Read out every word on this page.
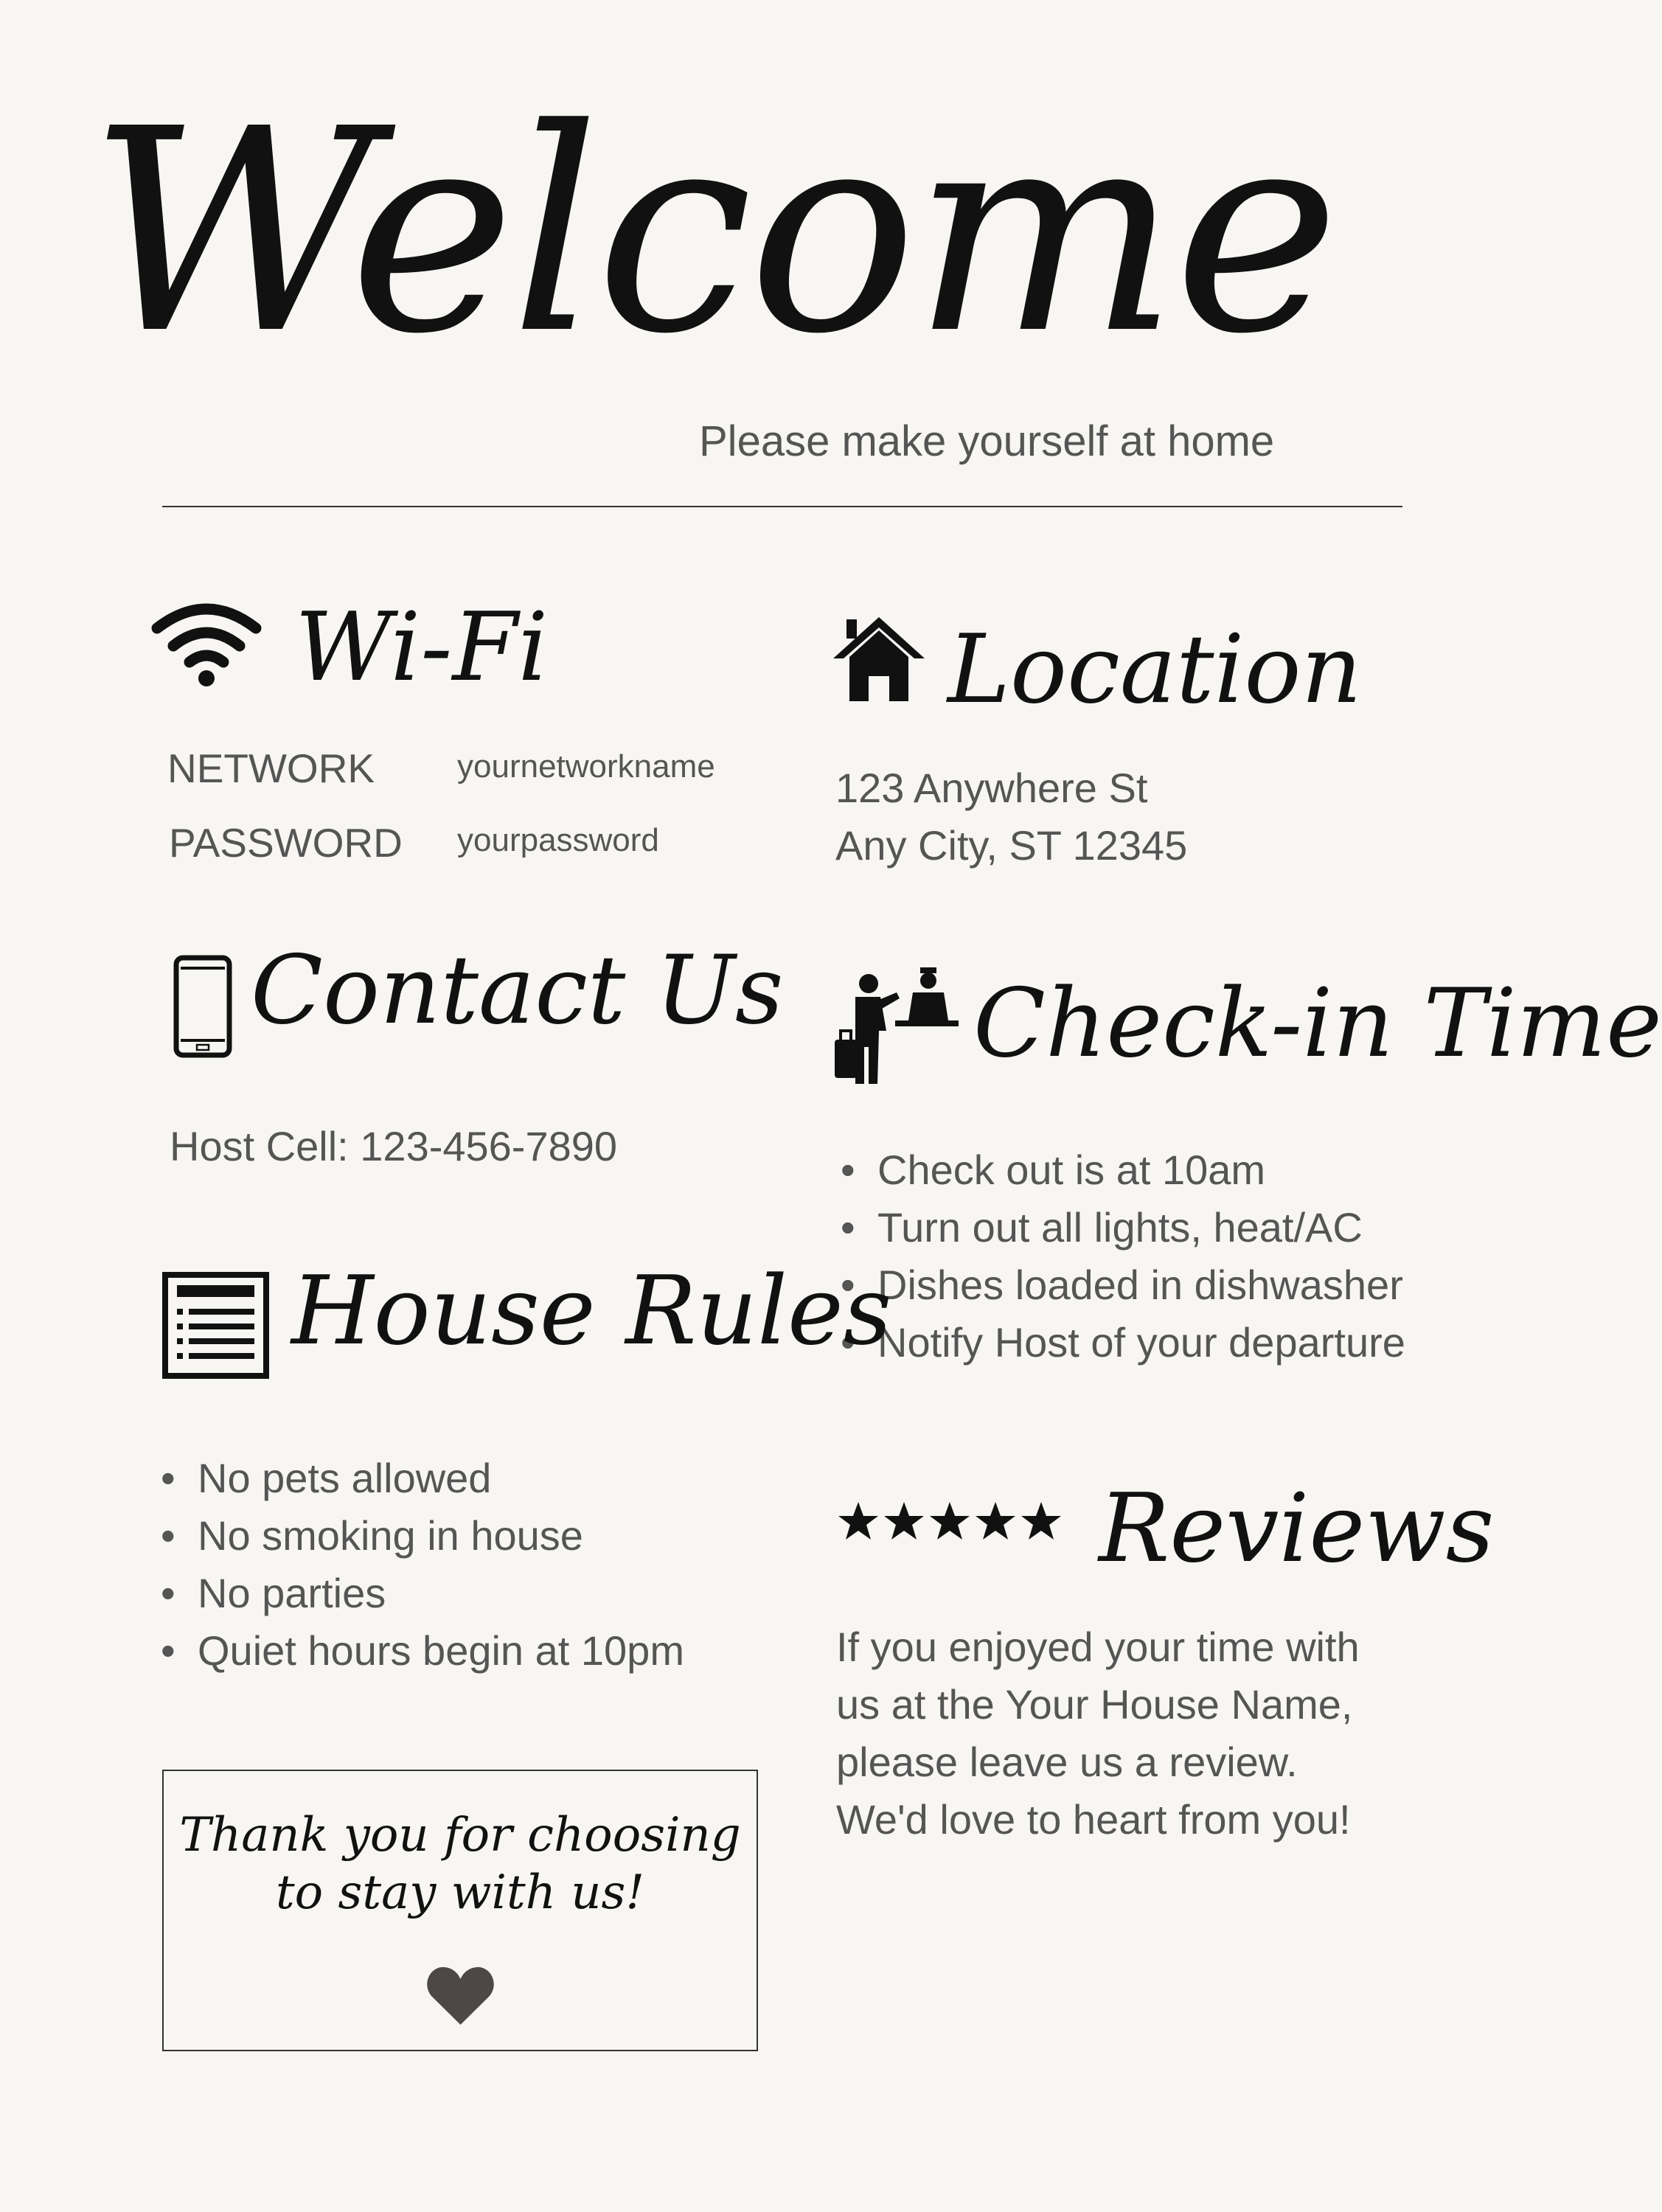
Welcome
Please make yourself at home
Wi-Fi
NETWORK	yournetworkname
PASSWORD yourpassword
Location
123 Anywhere St
Any City, ST 12345
Contact Us
Host Cell: 123-456-7890
Check-in Time
• Check out is at 10am
• Turn out all lights, heat/AC
• Dishes loaded in dishwasher
• Notify Host of your departure
House Rules
• No pets allowed
• No smoking in house
• No parties
• Quiet hours begin at 10pm
Reviews
If you enjoyed your time with
us at the Your House Name,
please leave us a review.
We'd love to heart from you!
Thank you for choosing to stay with us!
